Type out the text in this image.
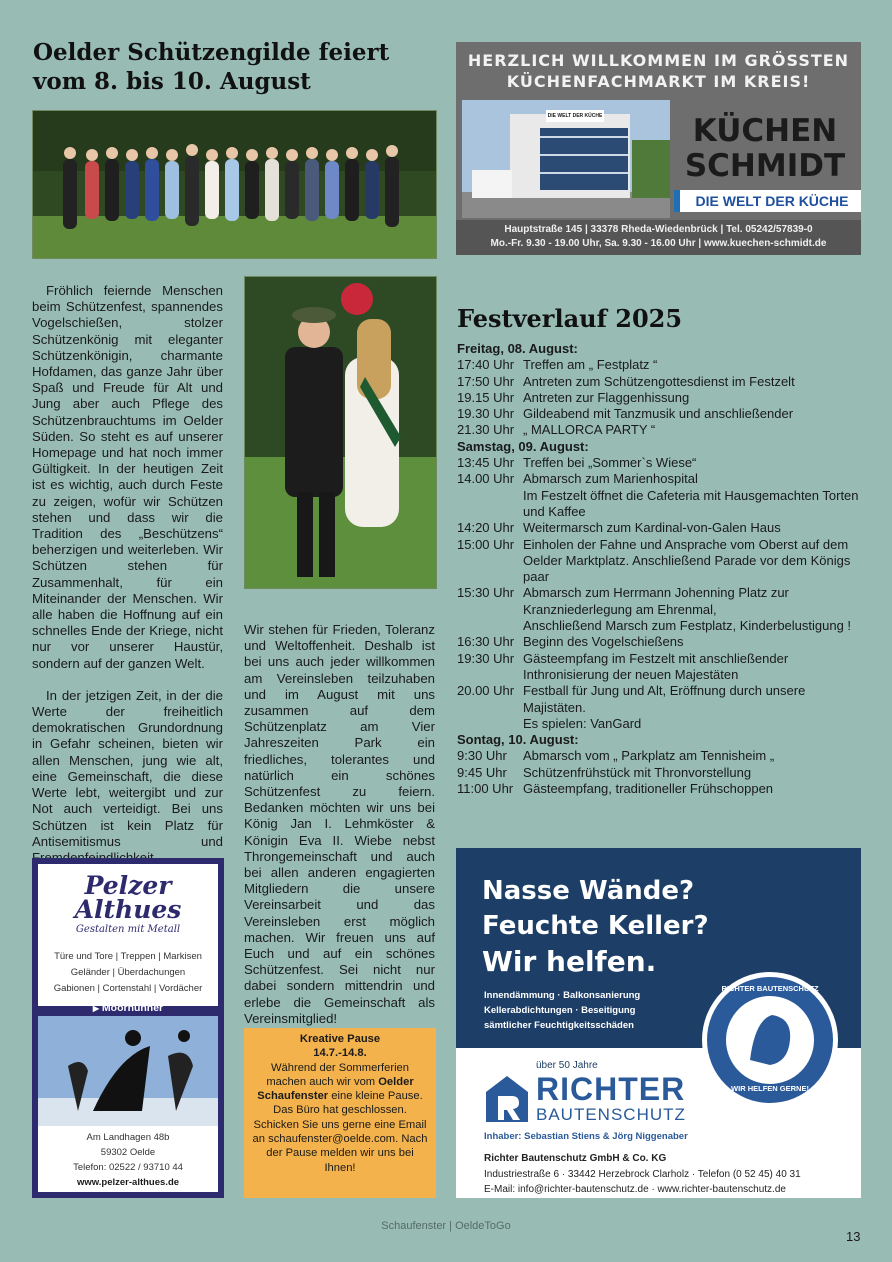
Oelder Schützengilde feiert vom 8. bis 10. August

Fröhlich feiernde Menschen beim Schützenfest, spannendes Vogelschießen, stolzer Schützenkönig mit eleganter Schützenkönigin, charmante Hofdamen, das ganze Jahr über Spaß und Freude für Alt und Jung aber auch Pflege des Schützenbrauchtums im Oelder Süden. So steht es auf unserer Homepage und hat noch immer Gültigkeit. In der heutigen Zeit ist es wichtig, auch durch Feste zu zeigen, wofür wir Schützen stehen und dass wir die Tradition des „Beschützens“ beherzigen und weiterleben. Wir Schützen stehen für Zusammenhalt, für ein Miteinander der Menschen. Wir alle haben die Hoffnung auf ein schnelles Ende der Kriege, nicht nur vor unserer Haustür, sondern auf der ganzen Welt.

In der jetzigen Zeit, in der die Werte der freiheitlich demokratischen Grundordnung in Gefahr scheinen, bieten wir allen Menschen, jung wie alt, eine Gemeinschaft, die diese Werte lebt, weitergibt und zur Not auch verteidigt. Bei uns Schützen ist kein Platz für Antisemitismus und

Wir stehen für Frieden, Toleranz und Weltoffenheit. Deshalb ist bei uns auch jeder willkommen am Vereinsleben teilzuhaben und im August mit uns zusammen auf dem Schützenplatz am Vier Jahreszeiten Park ein friedliches, tolerantes und natürlich ein schönes Schützenfest zu feiern. Bedanken möchten wir uns bei König Jan I. Lehmköster & Königin Eva II. Wiebe nebst Throngemeinschaft und auch bei allen anderen engagierten Mitgliedern die unsere Vereinsarbeit und das Vereinsleben erst möglich machen. Wir freuen uns auf Euch und auf ein schönes Schützenfest. Sei nicht nur dabei sondern mittendrin und erlebe die Gemeinschaft als Vereinsmitglied!

HERZLICH WILLKOMMEN IM GRÖSSTEN
KÜCHENFACHMARKT IM KREIS!
DIE WELT DER KÜCHE	KÜCHEN
SCHMIDT
DIE WELT DER KÜCHE
Hauptstraße 145 | 33378 Rheda-Wiedenbrück | Tel. 05242/57839-0
Mo.-Fr. 9.30 - 19.00 Uhr, Sa. 9.30 - 16.00 Uhr | www.kuechen-schmidt.de
Festverlauf 2025
Freitag, 08. August:
17:40 Uhr Treffen am „ Festplatz “
17:50 Uhr Antreten zum Schützengottesdienst im Festzelt
19.15 Uhr Antreten zur Flaggenhissung
19.30 Uhr Gildeabend mit Tanzmusik und anschließender
21.30 Uhr „ MALLORCA PARTY “
Samstag, 09. August:
13:45 Uhr Treffen bei „Sommer`s Wiese“
14.00 Uhr Abmarsch zum Marienhospital
Im Festzelt öffnet die Cafeteria mit Hausgemachten Torten und Kaffee
14:20 Uhr Weitermarsch zum Kardinal-von-Galen Haus
15:00 Uhr Einholen der Fahne und Ansprache vom Oberst auf dem Oelder Marktplatz. Anschließend Parade vor dem Königs paar
15:30 Uhr Abmarsch zum Herrmann Johenning Platz zur Kranzniederlegung am Ehrenmal,
Anschließend Marsch zum Festplatz, Kinderbelustigung !
16:30 Uhr Beginn des Vogelschießens
19:30 Uhr Gästeempfang im Festzelt mit anschließender Inthronisierung der neuen Majestäten
20.00 Uhr Festball für Jung und Alt, Eröffnung durch unsere Majistäten.
Es spielen: VanGard
Sontag, 10. August:
9:30 Uhr	Abmarsch vom „ Parkplatz am Tennisheim „
9:45 Uhr	Schützenfrühstück mit Thronvorstellung
11:00 Uhr Gästeempfang, traditioneller Frühschoppen
Pelzer
Althues
Gestalten mit Metall
Türe und Tore | Treppen | Markisen
Geländer | Überdachungen
Gabionen | Cortenstahl | Vordächer
▶ Moorhühner
Am Landhagen 48b
59302 Oelde
Telefon: 02522 / 93710 44
www.pelzer-althues.de
Kreative Pause
14.7.-14.8.
Während der Sommerferien machen auch wir vom Oelder Schaufenster eine kleine Pause. Das Büro hat geschlossen. Schicken Sie uns gerne eine Email an schaufenster@oelde.com. Nach der Pause melden wir uns bei Ihnen!
Nasse Wände?
Feuchte Keller?
Wir helfen.
Innendämmung · Balkonsanierung
Kellerabdichtungen · Beseitigung
sämtlicher Feuchtigkeitsschäden
RICHTER BAUTENSCHUTZ
WIR HELFEN GERNE!
über 50 Jahre
RICHTER
BAUTENSCHUTZ
Inhaber: Sebastian Stiens & Jörg Niggenaber
Richter Bautenschutz GmbH & Co. KG
Industriestraße 6 · 33442 Herzebrock Clarholz · Telefon (0 52 45) 40 31
E-Mail: info@richter-bautenschutz.de · www.richter-bautenschutz.de
Schaufenster | OeldeToGo
13
